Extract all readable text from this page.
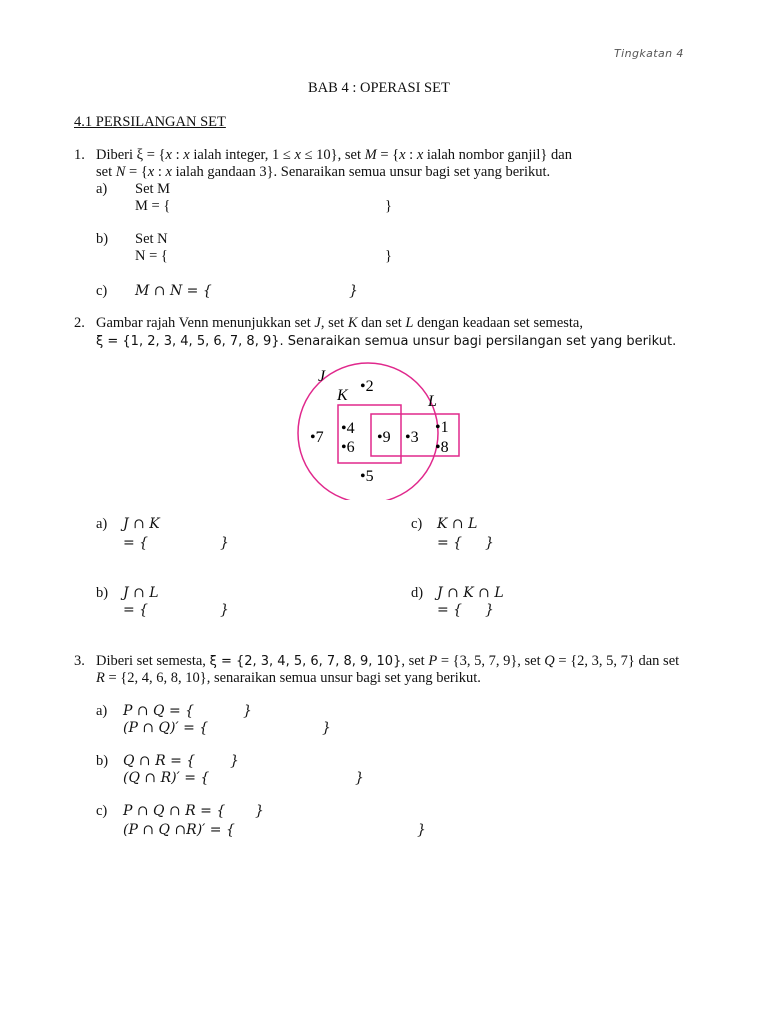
Tingkatan 4
BAB 4 : OPERASI SET
4.1 PERSILANGAN SET
1. Diberi ξ = {x : x ialah integer, 1 ≤ x ≤ 10}, set M = {x : x ialah nombor ganjil} dan
set N = {x : x ialah gandaan 3}. Senaraikan semua unsur bagi set yang berikut.
a) Set M
M = {	}
b) Set N
N = {	}
c) M ∩ N = {	}
2. Gambar rajah Venn menunjukkan set J, set K dan set L dengan keadaan set semesta,
ξ = {1, 2, 3, 4, 5, 6, 7, 8, 9}. Senaraikan semua unsur bagi persilangan set yang berikut.
J
K	L
•2
•7
•4
•6
•9 •3
•1
•8
•5
a) J ∩ K
= {	}
c) K ∩ L
= { }
b) J ∩ L
= {	}
d) J ∩ K ∩ L
= { }
3. Diberi set semesta, ξ = {2, 3, 4, 5, 6, 7, 8, 9, 10}, set P = {3, 5, 7, 9}, set Q = {2, 3, 5, 7} dan set
R = {2, 4, 6, 8, 10}, senaraikan semua unsur bagi set yang berikut.
a) P ∩ Q = {	}
(P ∩ Q)′ = {	}
b) Q ∩ R = { }
(Q ∩ R)′ = {	}
c) P ∩ Q ∩ R = { }
(P ∩ Q ∩R)′ = {	}
